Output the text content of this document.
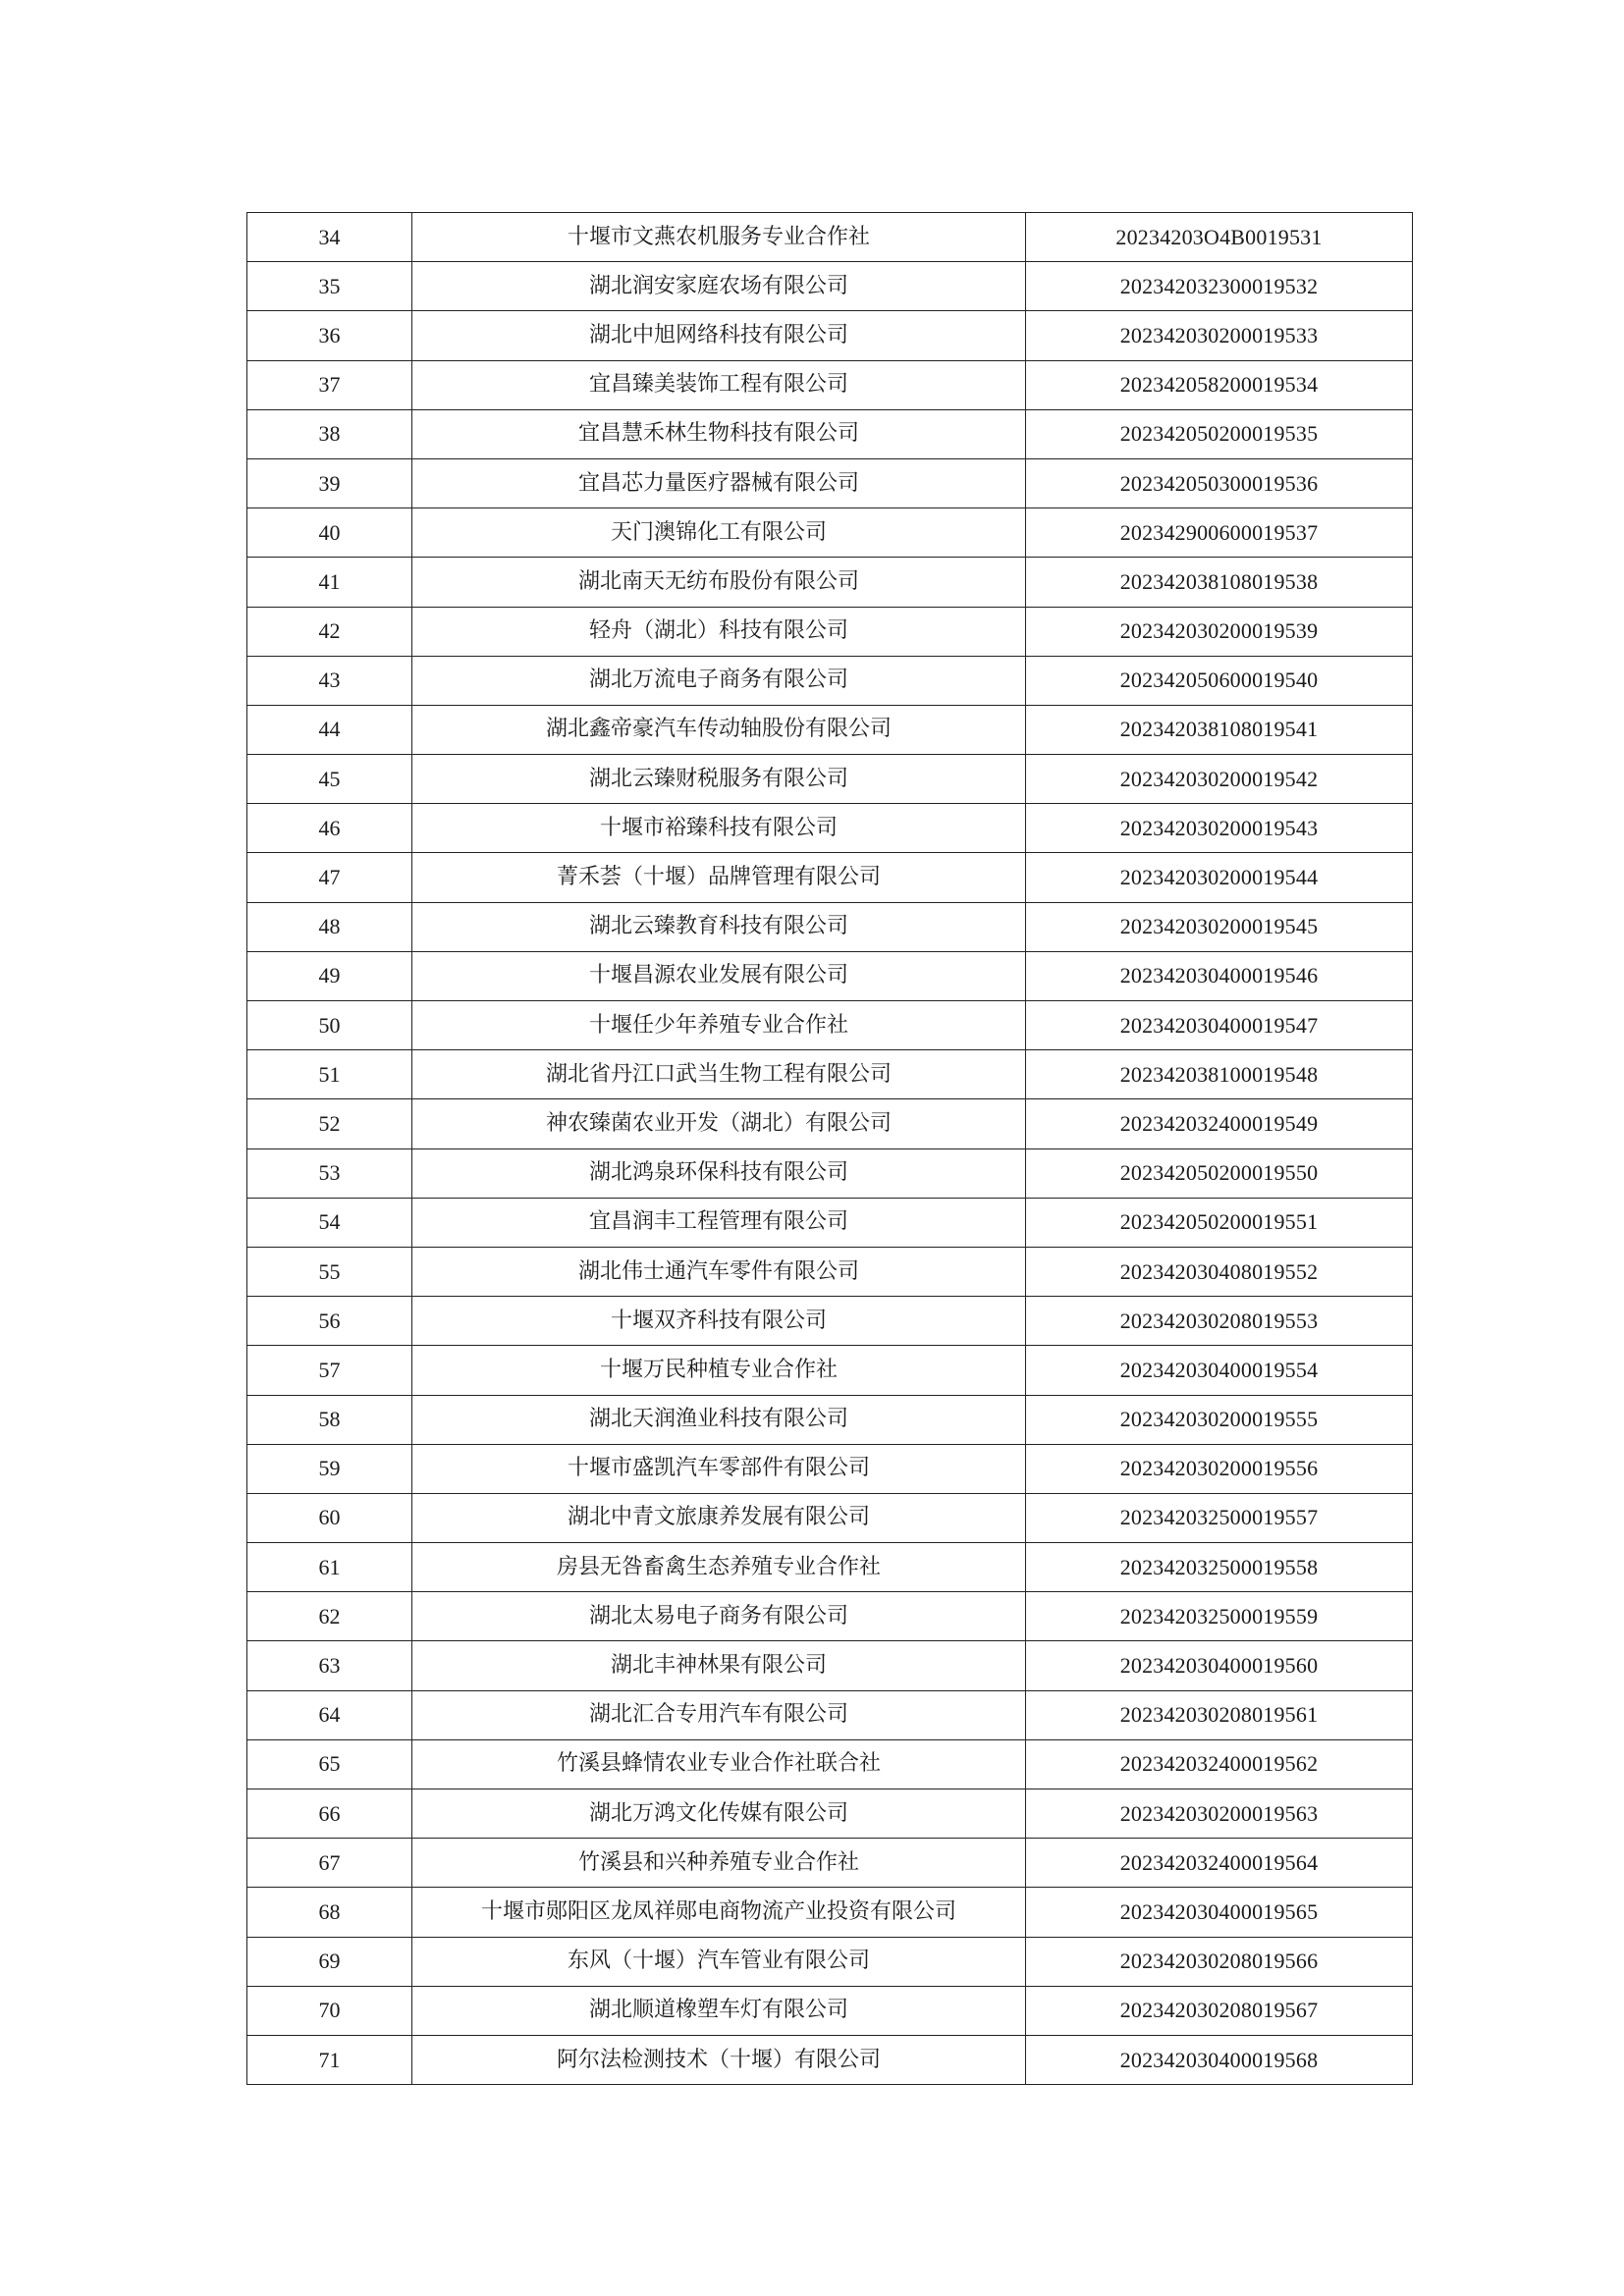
34	十堰市文燕农机服务专业合作社	20234203O4B0019531
35	湖北润安家庭农场有限公司	202342032300019532
36	湖北中旭网络科技有限公司	202342030200019533
37	宜昌臻美装饰工程有限公司	202342058200019534
38	宜昌慧禾林生物科技有限公司	202342050200019535
39	宜昌芯力量医疗器械有限公司	202342050300019536
40	天门澳锦化工有限公司	202342900600019537
41	湖北南天无纺布股份有限公司	202342038108019538
42	轻舟（湖北）科技有限公司	202342030200019539
43	湖北万流电子商务有限公司	202342050600019540
44	湖北鑫帝豪汽车传动轴股份有限公司	202342038108019541
45	湖北云臻财税服务有限公司	202342030200019542
46	十堰市裕臻科技有限公司	202342030200019543
47	菁禾荟（十堰）品牌管理有限公司	202342030200019544
48	湖北云臻教育科技有限公司	202342030200019545
49	十堰昌源农业发展有限公司	202342030400019546
50	十堰任少年养殖专业合作社	202342030400019547
51	湖北省丹江口武当生物工程有限公司	202342038100019548
52	神农臻菌农业开发（湖北）有限公司	202342032400019549
53	湖北鸿泉环保科技有限公司	202342050200019550
54	宜昌润丰工程管理有限公司	202342050200019551
55	湖北伟士通汽车零件有限公司	202342030408019552
56	十堰双齐科技有限公司	202342030208019553
57	十堰万民种植专业合作社	202342030400019554
58	湖北天润渔业科技有限公司	202342030200019555
59	十堰市盛凯汽车零部件有限公司	202342030200019556
60	湖北中青文旅康养发展有限公司	202342032500019557
61	房县无咎畜禽生态养殖专业合作社	202342032500019558
62	湖北太易电子商务有限公司	202342032500019559
63	湖北丰神林果有限公司	202342030400019560
64	湖北汇合专用汽车有限公司	202342030208019561
65	竹溪县蜂情农业专业合作社联合社	202342032400019562
66	湖北万鸿文化传媒有限公司	202342030200019563
67	竹溪县和兴种养殖专业合作社	202342032400019564
68	十堰市郧阳区龙凤祥郧电商物流产业投资有限公司	202342030400019565
69	东风（十堰）汽车管业有限公司	202342030208019566
70	湖北顺道橡塑车灯有限公司	202342030208019567
71	阿尔法检测技术（十堰）有限公司	202342030400019568
